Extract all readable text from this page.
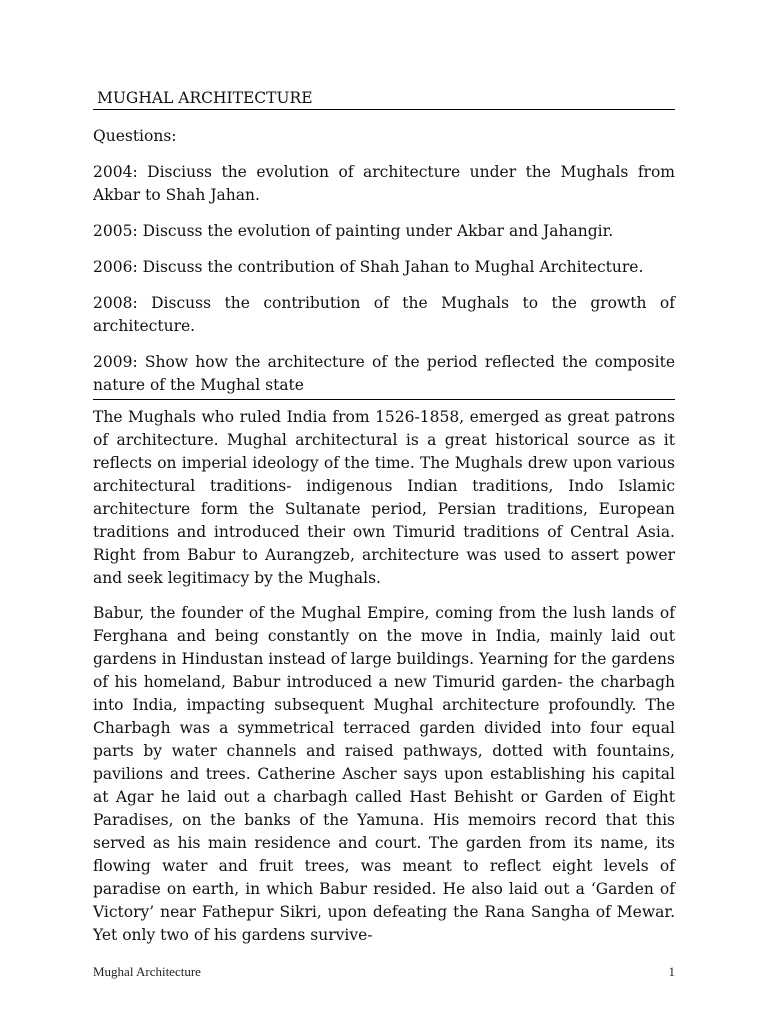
MUGHAL ARCHITECTURE

Questions:

2004: Disciuss the evolution of architecture under the Mughals from Akbar to Shah Jahan.

2005: Discuss the evolution of painting under Akbar and Jahangir.

2006: Discuss the contribution of Shah Jahan to Mughal Architecture.

2008: Discuss the contribution of the Mughals to the growth of architecture.

2009: Show how the architecture of the period reflected the composite nature of the Mughal state

The Mughals who ruled India from 1526-1858, emerged as great patrons of architecture. Mughal architectural is a great historical source as it reflects on imperial ideology of the time. The Mughals drew upon various architectural traditions- indigenous Indian traditions, Indo Islamic architecture form the Sultanate period, Persian traditions, European traditions and introduced their own Timurid traditions of Central Asia. Right from Babur to Aurangzeb, architecture was used to assert power and seek legitimacy by the Mughals.

Babur, the founder of the Mughal Empire, coming from the lush lands of Ferghana and being constantly on the move in India, mainly laid out gardens in Hindustan instead of large buildings. Yearning for the gardens of his homeland, Babur introduced a new Timurid garden- the charbagh into India, impacting subsequent Mughal architecture profoundly. The Charbagh was a symmetrical terraced garden divided into four equal parts by water channels and raised pathways, dotted with fountains, pavilions and trees. Catherine Ascher says upon establishing his capital at Agar he laid out a charbagh called Hast Behisht or Garden of Eight Paradises, on the banks of the Yamuna. His memoirs record that this served as his main residence and court. The garden from its name, its flowing water and fruit trees, was meant to reflect eight levels of paradise on earth, in which Babur resided. He also laid out a ‘Garden of Victory’ near Fathepur Sikri, upon defeating the Rana Sangha of Mewar. Yet only two of his gardens survive-

Mughal Architecture	1
